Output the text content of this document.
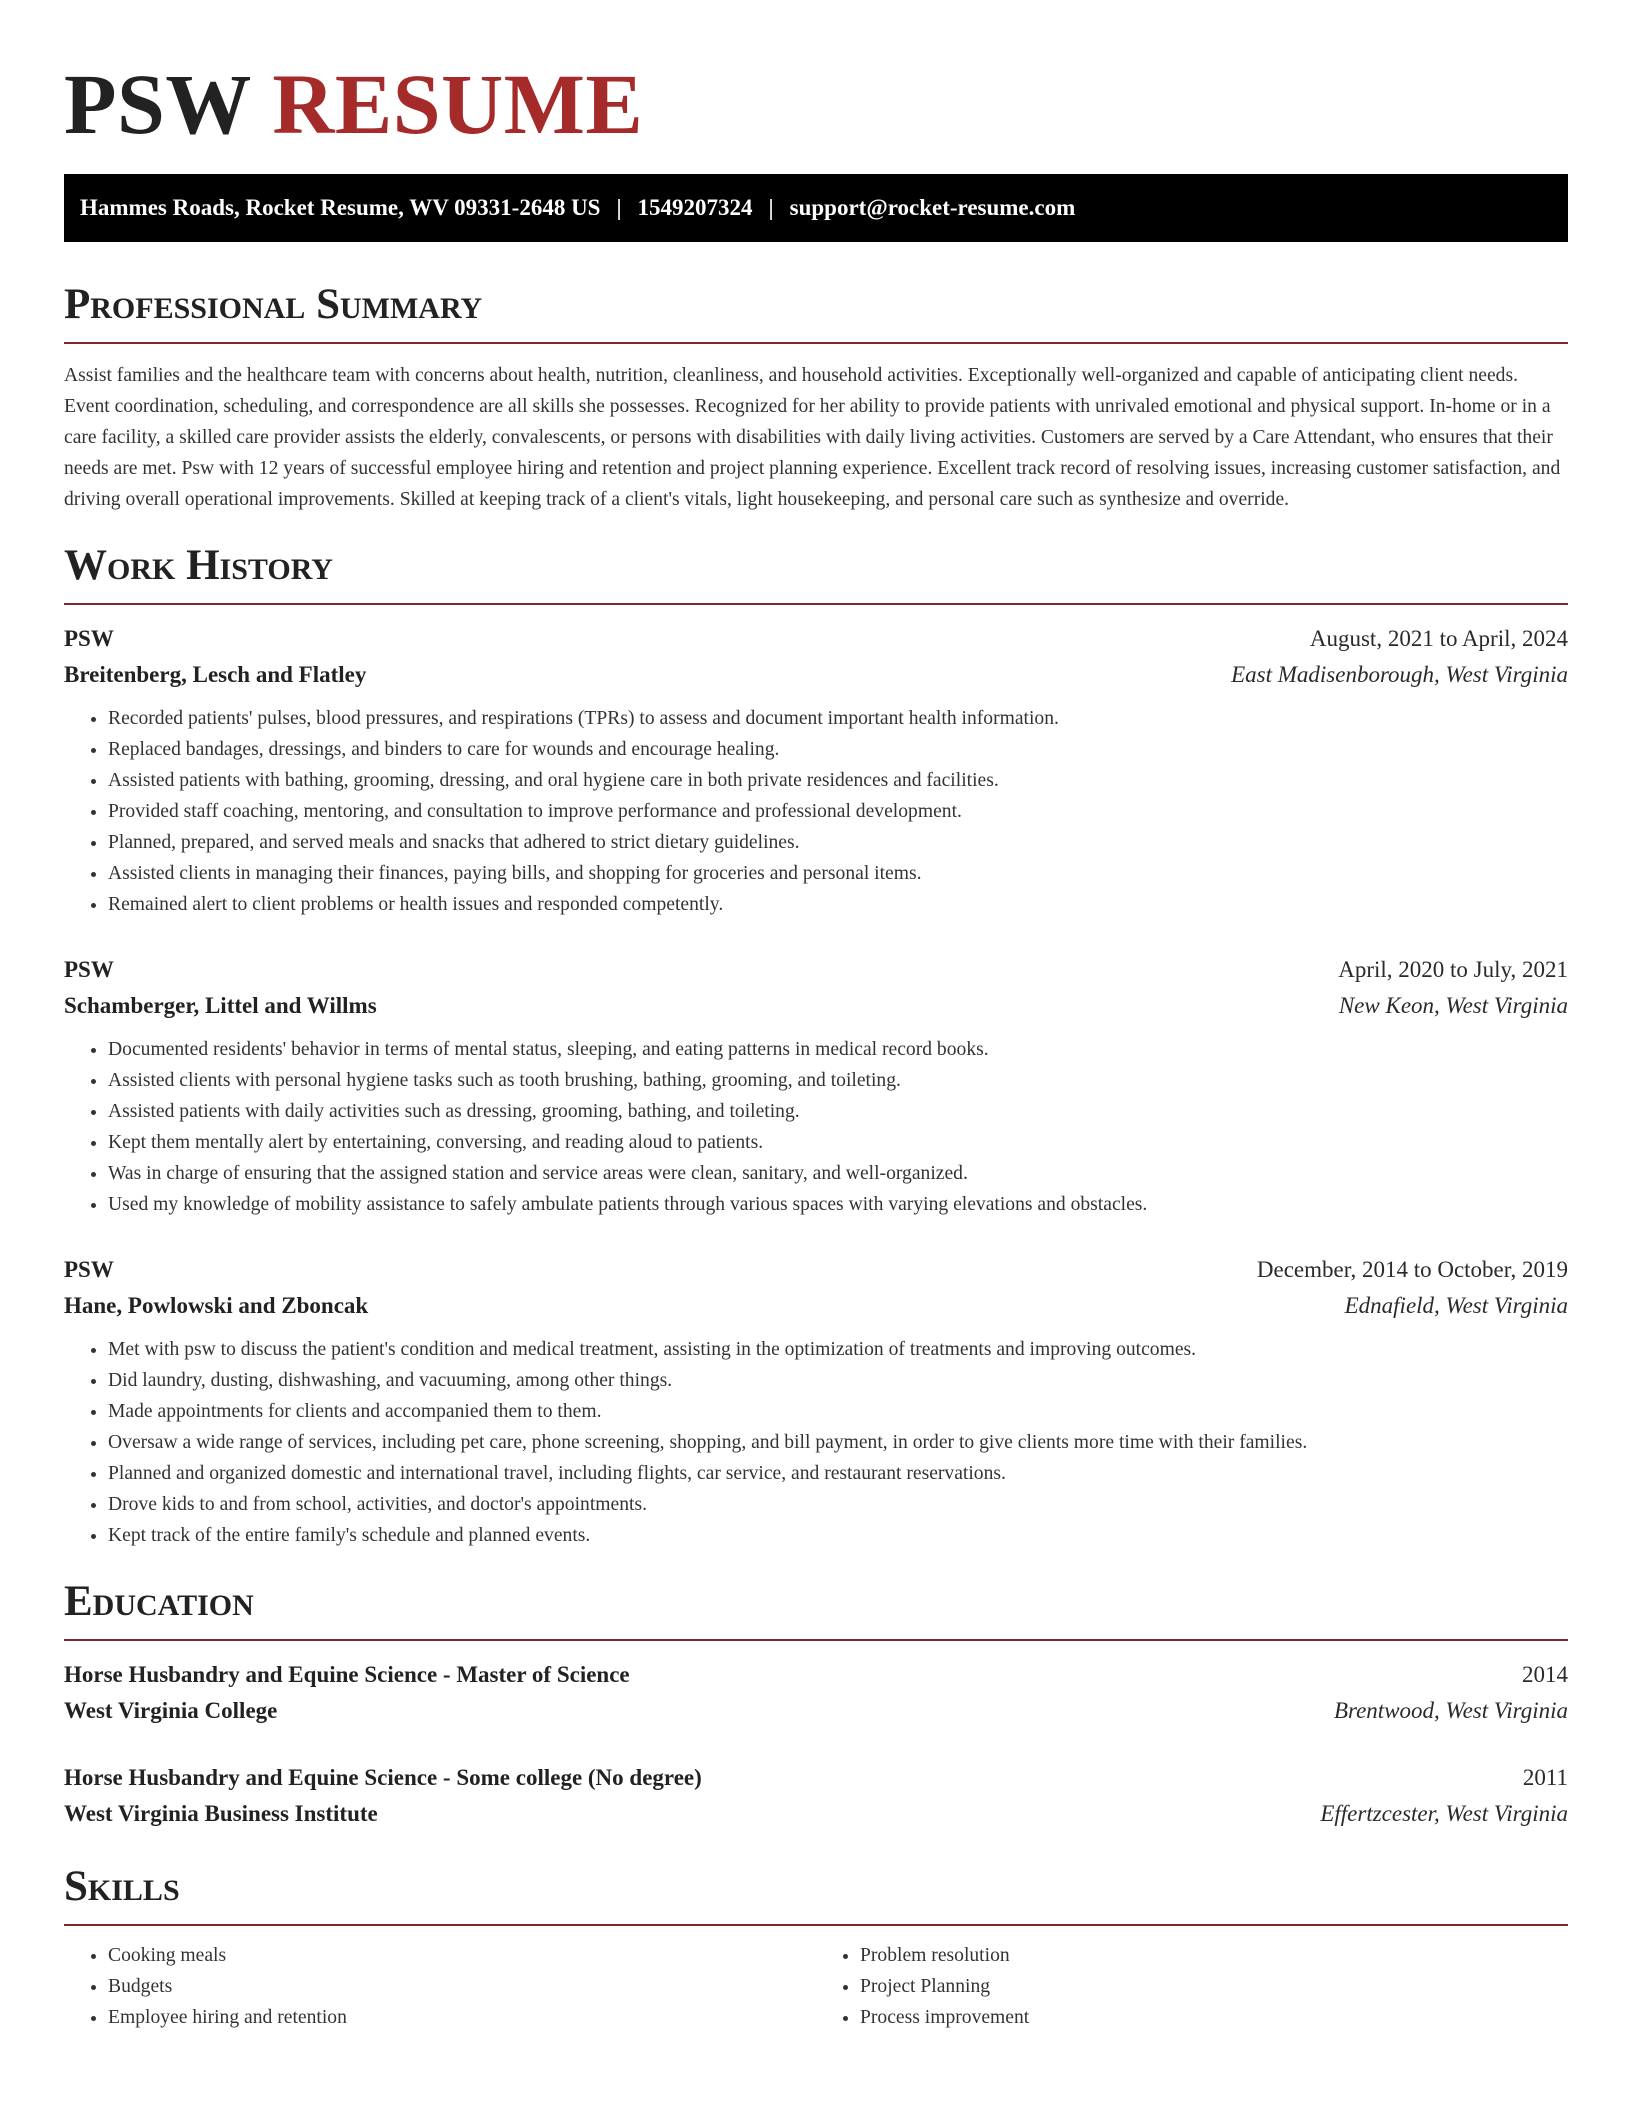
PSW RESUME
Hammes Roads, Rocket Resume, WV 09331-2648 US | 1549207324 | support@rocket-resume.com
Professional Summary
Assist families and the healthcare team with concerns about health, nutrition, cleanliness, and household activities. Exceptionally well-organized and capable of anticipating client needs. Event coordination, scheduling, and correspondence are all skills she possesses. Recognized for her ability to provide patients with unrivaled emotional and physical support. In-home or in a care facility, a skilled care provider assists the elderly, convalescents, or persons with disabilities with daily living activities. Customers are served by a Care Attendant, who ensures that their needs are met. Psw with 12 years of successful employee hiring and retention and project planning experience. Excellent track record of resolving issues, increasing customer satisfaction, and driving overall operational improvements. Skilled at keeping track of a client's vitals, light housekeeping, and personal care such as synthesize and override.
Work History
PSW	August, 2021 to April, 2024
Breitenberg, Lesch and Flatley	East Madisenborough, West Virginia
• Recorded patients' pulses, blood pressures, and respirations (TPRs) to assess and document important health information.
• Replaced bandages, dressings, and binders to care for wounds and encourage healing.
• Assisted patients with bathing, grooming, dressing, and oral hygiene care in both private residences and facilities.
• Provided staff coaching, mentoring, and consultation to improve performance and professional development.
• Planned, prepared, and served meals and snacks that adhered to strict dietary guidelines.
• Assisted clients in managing their finances, paying bills, and shopping for groceries and personal items.
• Remained alert to client problems or health issues and responded competently.
PSW	April, 2020 to July, 2021
Schamberger, Littel and Willms	New Keon, West Virginia
• Documented residents' behavior in terms of mental status, sleeping, and eating patterns in medical record books.
• Assisted clients with personal hygiene tasks such as tooth brushing, bathing, grooming, and toileting.
• Assisted patients with daily activities such as dressing, grooming, bathing, and toileting.
• Kept them mentally alert by entertaining, conversing, and reading aloud to patients.
• Was in charge of ensuring that the assigned station and service areas were clean, sanitary, and well-organized.
• Used my knowledge of mobility assistance to safely ambulate patients through various spaces with varying elevations and obstacles.
PSW	December, 2014 to October, 2019
Hane, Powlowski and Zboncak	Ednafield, West Virginia
• Met with psw to discuss the patient's condition and medical treatment, assisting in the optimization of treatments and improving outcomes.
• Did laundry, dusting, dishwashing, and vacuuming, among other things.
• Made appointments for clients and accompanied them to them.
• Oversaw a wide range of services, including pet care, phone screening, shopping, and bill payment, in order to give clients more time with their families.
• Planned and organized domestic and international travel, including flights, car service, and restaurant reservations.
• Drove kids to and from school, activities, and doctor's appointments.
• Kept track of the entire family's schedule and planned events.
Education
Horse Husbandry and Equine Science - Master of Science	2014
West Virginia College	Brentwood, West Virginia
Horse Husbandry and Equine Science - Some college (No degree)	2011
West Virginia Business Institute	Effertzcester, West Virginia
Skills
• Cooking meals
• Budgets
• Employee hiring and retention
• Problem resolution
• Project Planning
• Process improvement
